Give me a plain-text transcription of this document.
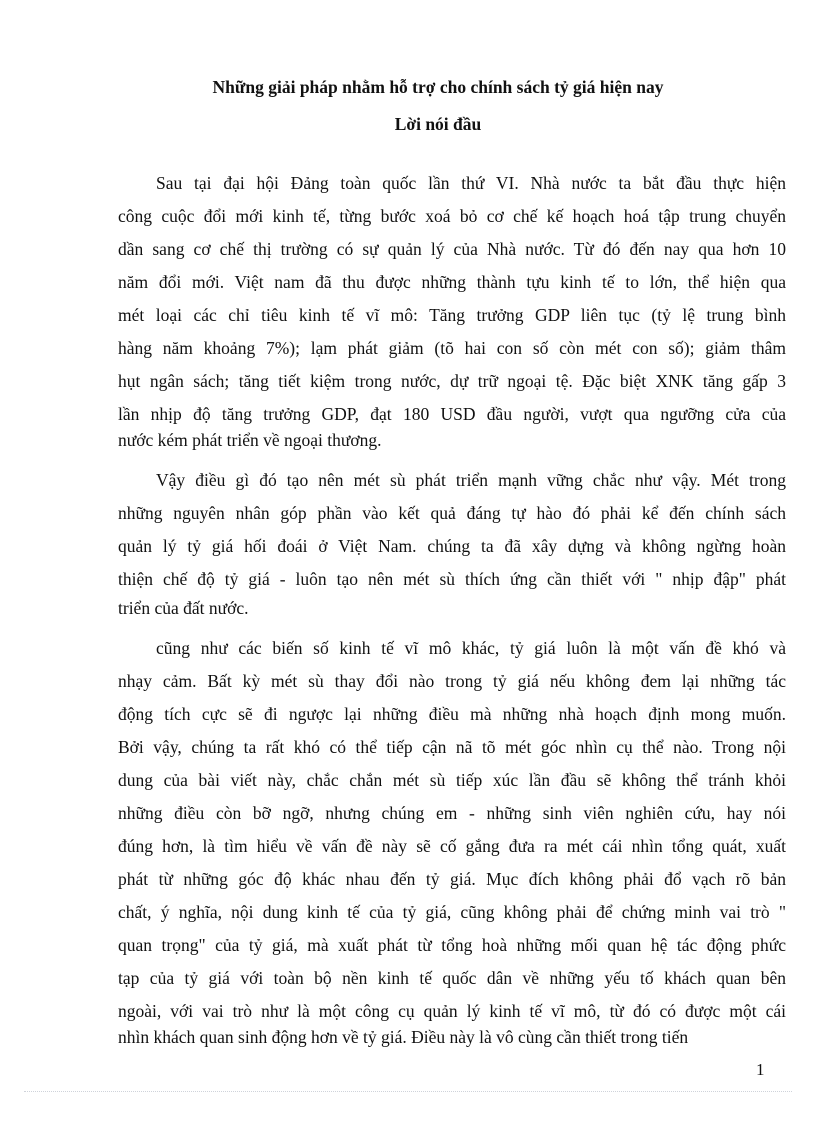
Những giải pháp nhằm hỗ trợ cho chính sách tỷ giá hiện nay
Lời nói đầu
Sau tại đại hội Đảng toàn quốc lần thứ VI. Nhà nước ta bắt đầu thực hiện
công cuộc đổi mới kinh tế, từng bước xoá bỏ cơ chế kế hoạch hoá tập trung chuyển
dần sang cơ chế thị trường có sự quản lý của Nhà nước. Từ đó đến nay qua hơn 10
năm đổi mới. Việt nam đã thu được những thành tựu kinh tế to lớn, thể hiện qua
mét loại các chỉ tiêu kinh tế vĩ mô: Tăng trưởng GDP liên tục (tỷ lệ trung bình
hàng năm khoảng 7%); lạm phát giảm (tõ hai con số còn mét con số); giảm thâm
hụt ngân sách; tăng tiết kiệm trong nước, dự trữ ngoại tệ. Đặc biệt XNK tăng gấp 3
lần nhịp độ tăng trưởng GDP, đạt 180 USD đầu người, vượt qua ngưỡng cửa của
nước kém phát triển về ngoại thương.
Vậy điều gì đó tạo nên mét sù phát triển mạnh vững chắc như vậy. Mét trong
những nguyên nhân góp phần vào kết quả đáng tự hào đó phải kể đến chính sách
quản lý tỷ giá hối đoái ở Việt Nam. chúng ta đã xây dựng và không ngừng hoàn
thiện chế độ tỷ giá - luôn tạo nên mét sù thích ứng cần thiết với " nhịp đập" phát
triển của đất nước.
cũng như các biến số kinh tế vĩ mô khác, tỷ giá luôn là một vấn đề khó và
nhạy cảm. Bất kỳ mét sù thay đổi nào trong tỷ giá nếu không đem lại những tác
động tích cực sẽ đi ngược lại những điều mà những nhà hoạch định mong muốn.
Bởi vậy, chúng ta rất khó có thể tiếp cận nã tõ mét góc nhìn cụ thể nào. Trong nội
dung của bài viết này, chắc chắn mét sù tiếp xúc lần đầu sẽ không thể tránh khỏi
những điều còn bỡ ngỡ, nhưng chúng em - những sinh viên nghiên cứu, hay nói
đúng hơn, là tìm hiểu về vấn đề này sẽ cố gắng đưa ra mét cái nhìn tổng quát, xuất
phát từ những góc độ khác nhau đến tỷ giá. Mục đích không phải đổ vạch rõ bản
chất, ý nghĩa, nội dung kinh tế của tỷ giá, cũng không phải để chứng minh vai trò "
quan trọng" của tỷ giá, mà xuất phát từ tổng hoà những mối quan hệ tác động phức
tạp của tỷ giá với toàn bộ nền kinh tế quốc dân về những yếu tố khách quan bên
ngoài, với vai trò như là một công cụ quản lý kinh tế vĩ mô, từ đó có được một cái
nhìn khách quan sinh động hơn về tỷ giá. Điều này là vô cùng cần thiết trong tiến
1
